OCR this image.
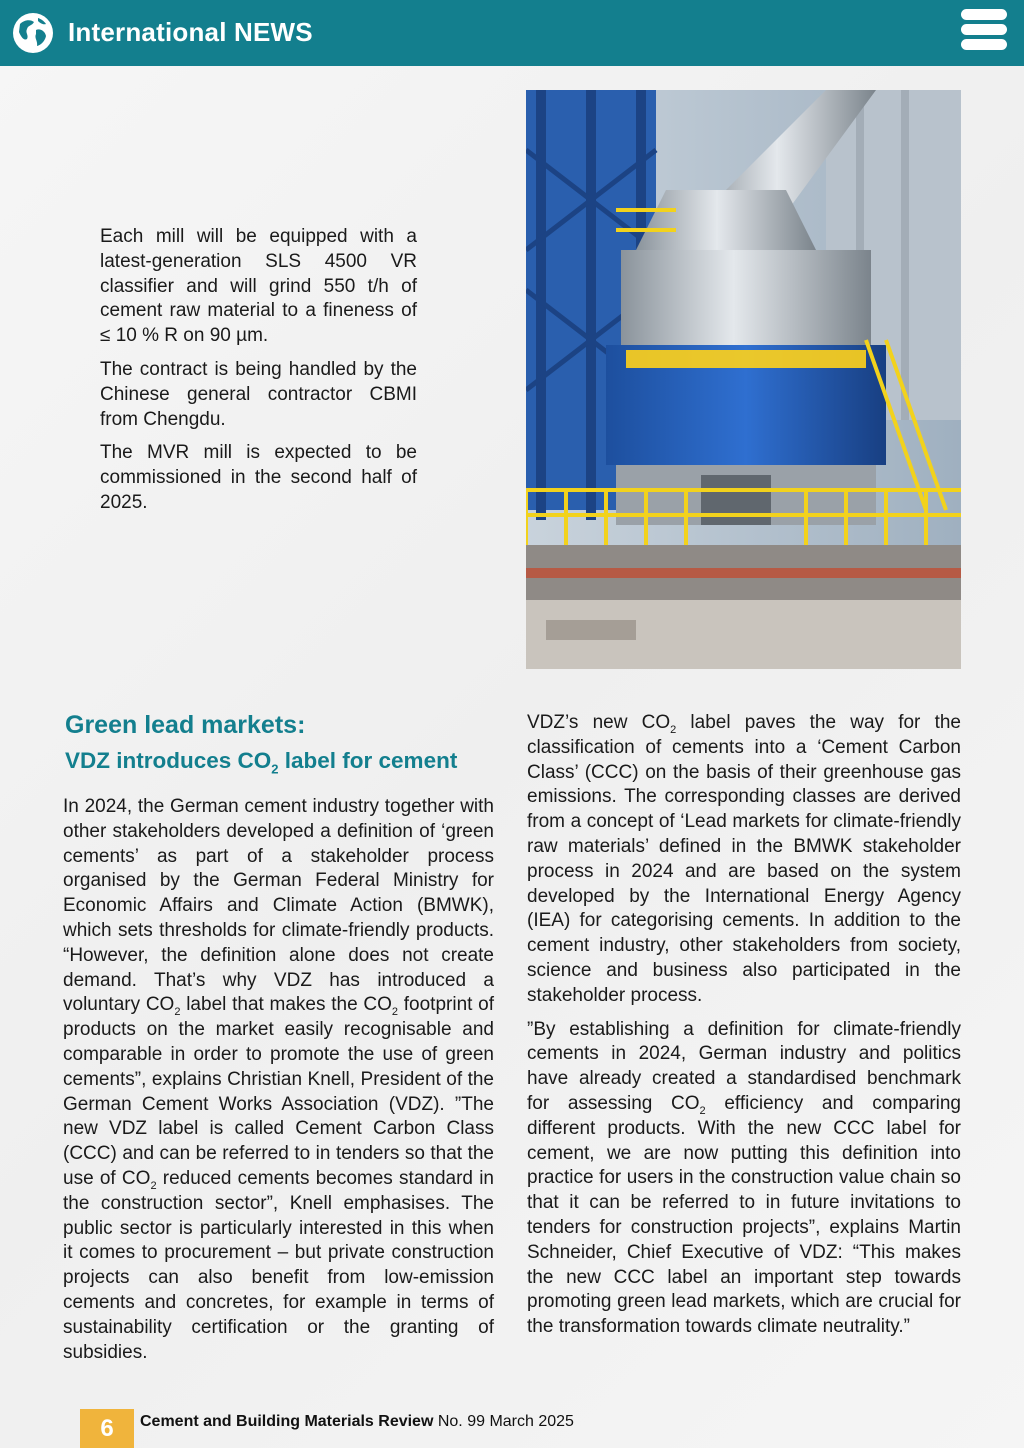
International NEWS

Each mill will be equipped with a latest-generation SLS 4500 VR classifier and will grind 550 t/h of cement raw material to a fineness of ≤ 10 % R on 90 µm.

The contract is being handled by the Chinese general contractor CBMI from Chengdu.

The MVR mill is expected to be commissioned in the second half of 2025.

Green lead markets:
VDZ introduces $CO_2$ label for cement

In 2024, the German cement industry together with other stakeholders developed a definition of ‘green cements’ as part of a stakeholder process organised by the German Federal Ministry for Economic Affairs and Climate Action (BMWK), which sets thresholds for climate-friendly products. “However, the definition alone does not create demand. That’s why VDZ has introduced a voluntary $CO_2$ label that makes the $CO_2$ footprint of products on the market easily recognisable and comparable in order to promote the use of green cements”, explains Christian Knell, President of the German Cement Works Association (VDZ). ”The new VDZ label is called Cement Carbon Class (CCC) and can be referred to in tenders so that the use of $CO_2$ reduced cements becomes standard in the construction sector”, Knell emphasises. The public sector is particularly interested in this when it comes to procurement – but private construction projects can also benefit from low-emission cements and concretes, for example in terms of sustainability certification or the granting of subsidies.

VDZ’s new $CO_2$ label paves the way for the classification of cements into a ‘Cement Carbon Class’ (CCC) on the basis of their greenhouse gas emissions. The corresponding classes are derived from a concept of ‘Lead markets for climate-friendly raw materials’ defined in the BMWK stakeholder process in 2024 and are based on the system developed by the International Energy Agency (IEA) for categorising cements. In addition to the cement industry, other stakeholders from society, science and business also participated in the stakeholder process.

”By establishing a definition for climate-friendly cements in 2024, German industry and politics have already created a standardised benchmark for assessing $CO_2$ efficiency and comparing different products. With the new CCC label for cement, we are now putting this definition into practice for users in the construction value chain so that it can be referred to in future invitations to tenders for construction projects”, explains Martin Schneider, Chief Executive of VDZ: “This makes the new CCC label an important step towards promoting green lead markets, which are crucial for the transformation towards climate neutrality.”

6	Cement and Building Materials Review No. 99 March 2025
